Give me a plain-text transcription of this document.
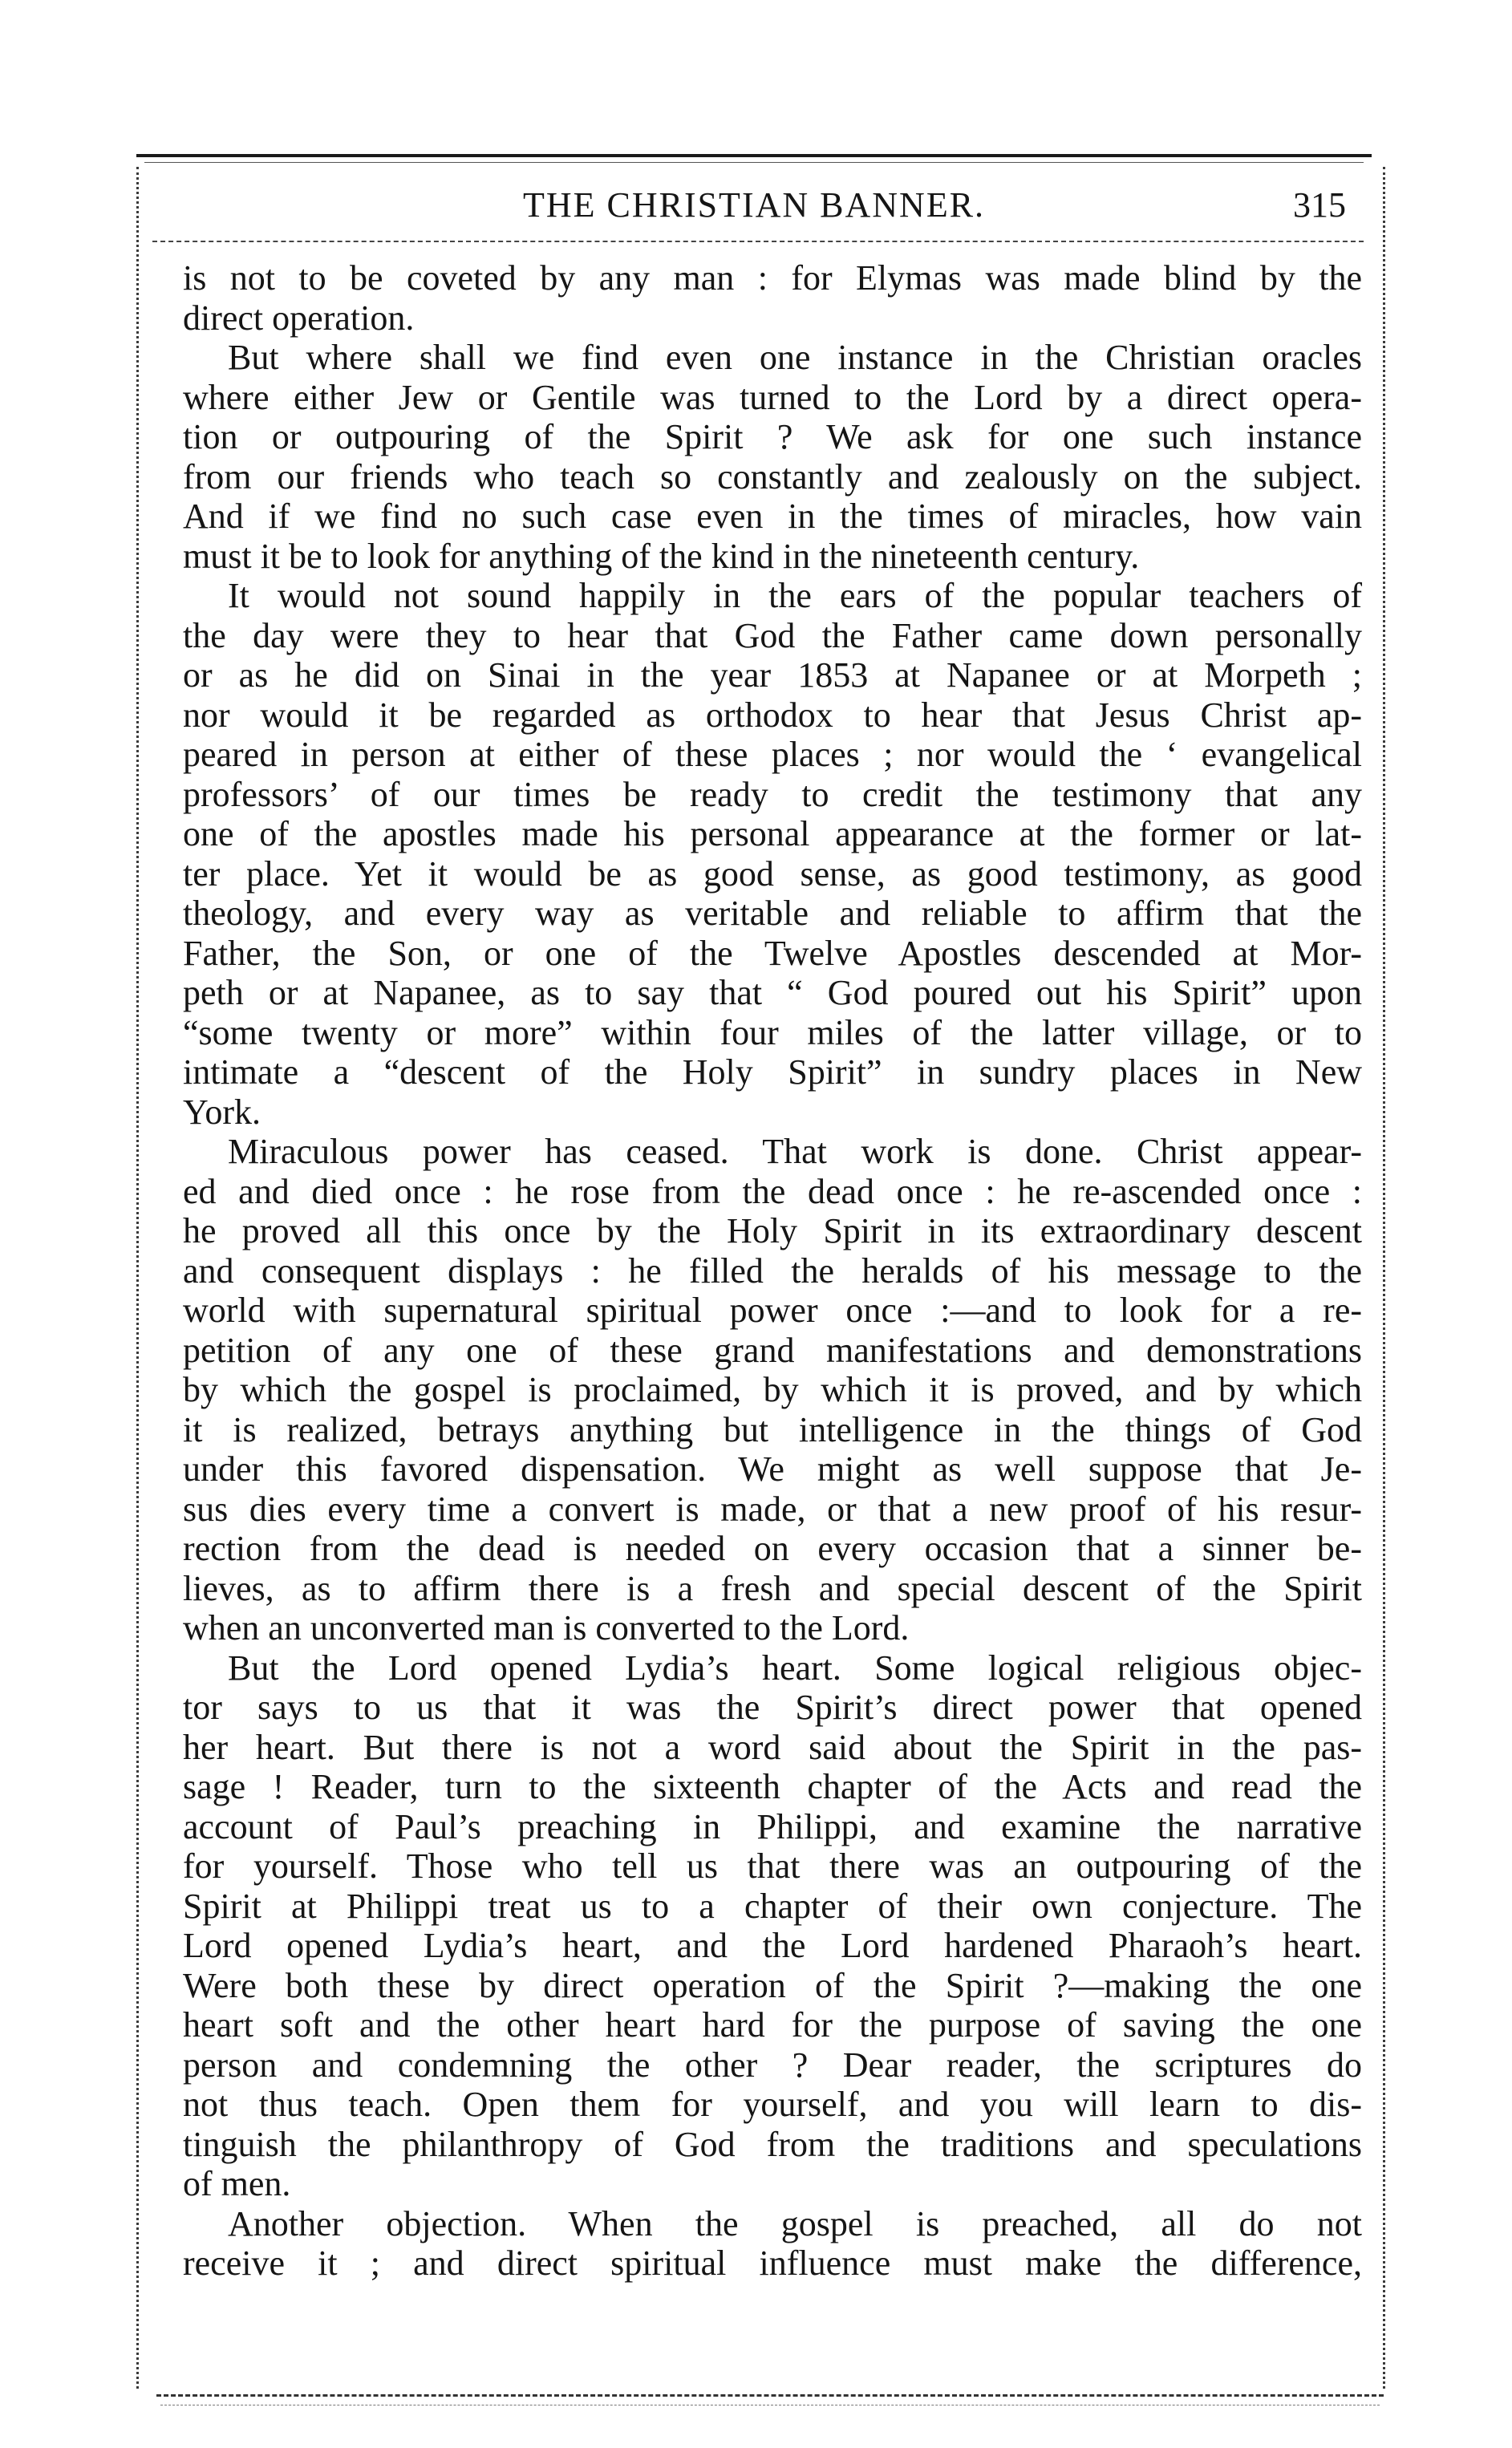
THE CHRISTIAN BANNER.	315
is not to be coveted by any man : for Elymas was made blind by the
direct operation.
But where shall we find even one instance in the Christian oracles
where either Jew or Gentile was turned to the Lord by a direct opera-
tion or outpouring of the Spirit ? We ask for one such instance
from our friends who teach so constantly and zealously on the subject.
And if we find no such case even in the times of miracles, how vain
must it be to look for anything of the kind in the nineteenth century.
It would not sound happily in the ears of the popular teachers of
the day were they to hear that God the Father came down personally
or as he did on Sinai in the year 1853 at Napanee or at Morpeth ;
nor would it be regarded as orthodox to hear that Jesus Christ ap-
peared in person at either of these places ; nor would the ‘ evangelical
professors’ of our times be ready to credit the testimony that any
one of the apostles made his personal appearance at the former or lat-
ter place. Yet it would be as good sense, as good testimony, as good
theology, and every way as veritable and reliable to affirm that the
Father, the Son, or one of the Twelve Apostles descended at Mor-
peth or at Napanee, as to say that “ God poured out his Spirit” upon
“some twenty or more” within four miles of the latter village, or to
intimate a “descent of the Holy Spirit” in sundry places in New
York.
Miraculous power has ceased. That work is done. Christ appear-
ed and died once : he rose from the dead once : he re-ascended once :
he proved all this once by the Holy Spirit in its extraordinary descent
and consequent displays : he filled the heralds of his message to the
world with supernatural spiritual power once :—and to look for a re-
petition of any one of these grand manifestations and demonstrations
by which the gospel is proclaimed, by which it is proved, and by which
it is realized, betrays anything but intelligence in the things of God
under this favored dispensation. We might as well suppose that Je-
sus dies every time a convert is made, or that a new proof of his resur-
rection from the dead is needed on every occasion that a sinner be-
lieves, as to affirm there is a fresh and special descent of the Spirit
when an unconverted man is converted to the Lord.
But the Lord opened Lydia’s heart. Some logical religious objec-
tor says to us that it was the Spirit’s direct power that opened
her heart. But there is not a word said about the Spirit in the pas-
sage ! Reader, turn to the sixteenth chapter of the Acts and read the
account of Paul’s preaching in Philippi, and examine the narrative
for yourself. Those who tell us that there was an outpouring of the
Spirit at Philippi treat us to a chapter of their own conjecture. The
Lord opened Lydia’s heart, and the Lord hardened Pharaoh’s heart.
Were both these by direct operation of the Spirit ?—making the one
heart soft and the other heart hard for the purpose of saving the one
person and condemning the other ? Dear reader, the scriptures do
not thus teach. Open them for yourself, and you will learn to dis-
tinguish the philanthropy of God from the traditions and speculations
of men.
Another objection. When the gospel is preached, all do not
receive it ; and direct spiritual influence must make the difference,
